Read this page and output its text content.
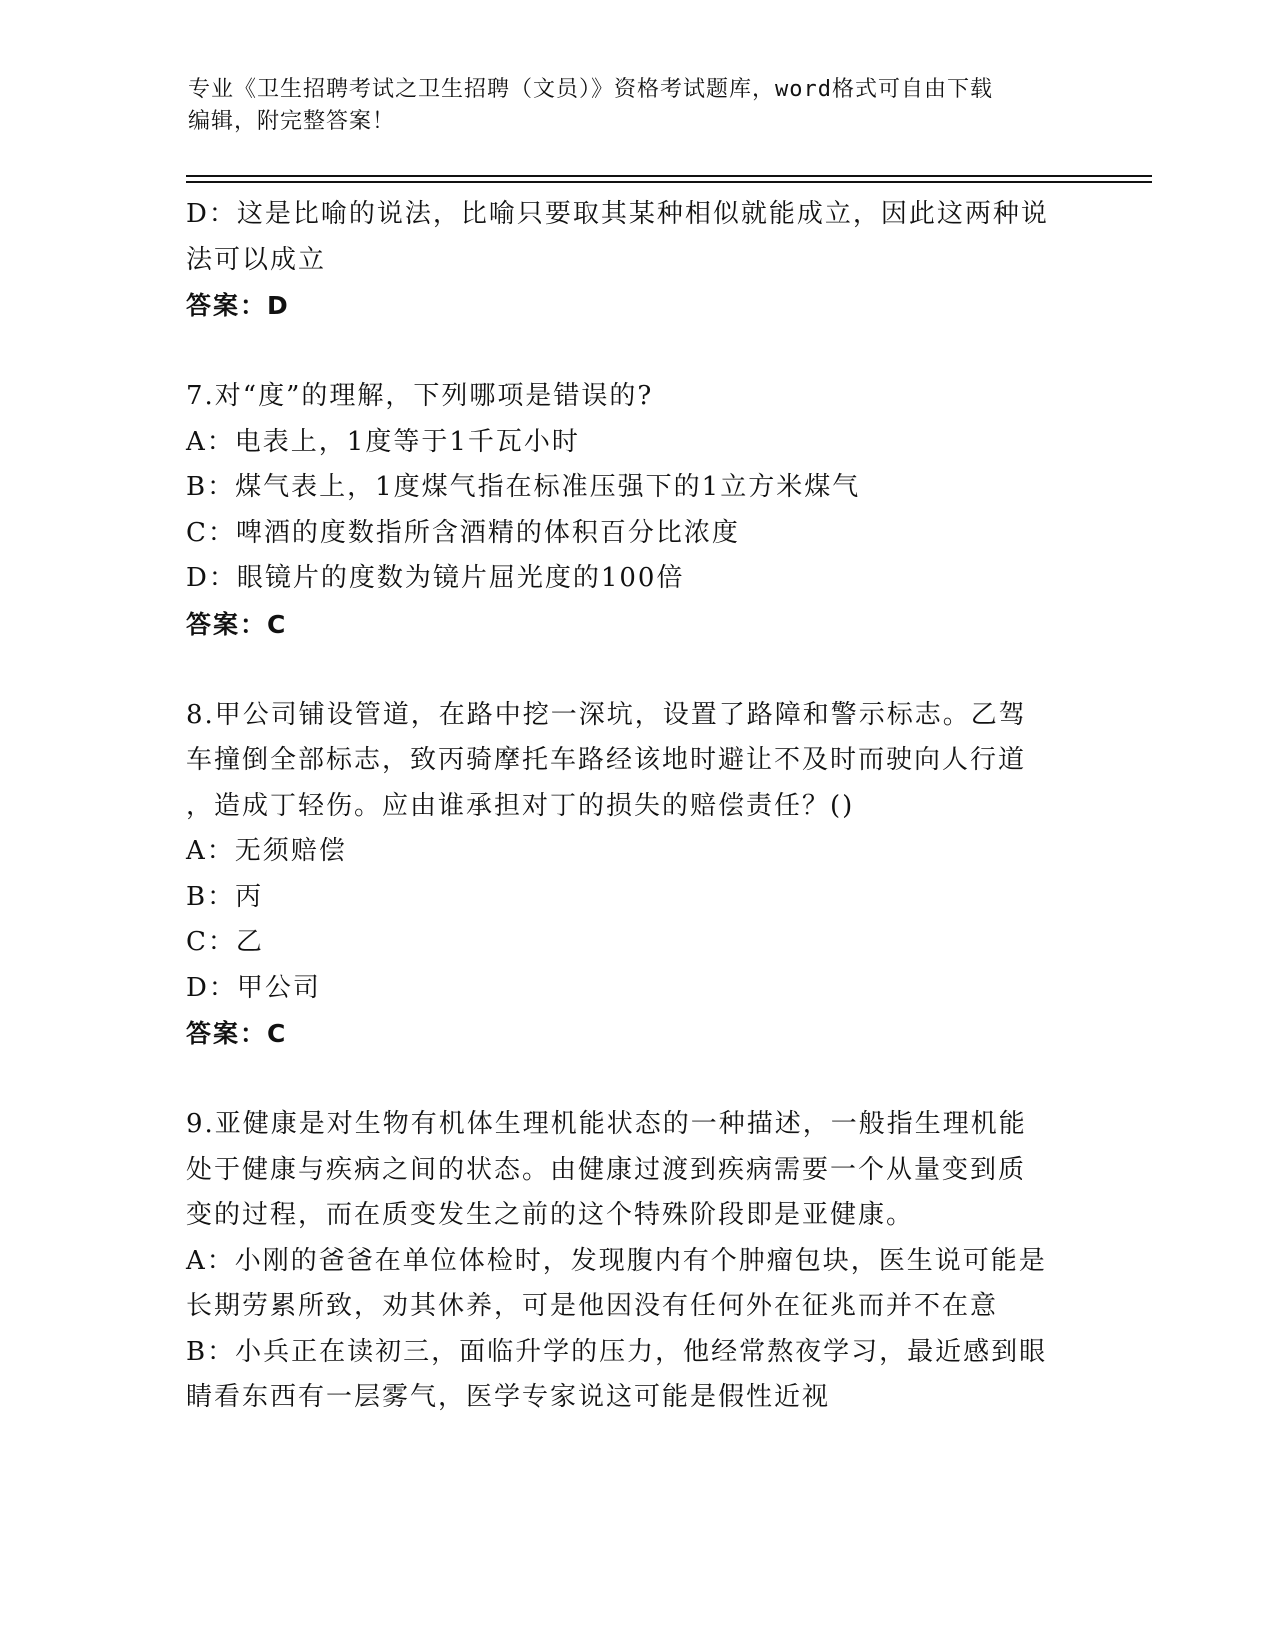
专业《卫生招聘考试之卫生招聘（文员）》资格考试题库，word格式可自由下载
编辑，附完整答案！
D：这是比喻的说法，比喻只要取其某种相似就能成立，因此这两种说
法可以成立
答案：D
7.对“度”的理解，下列哪项是错误的?
A：电表上，1度等于1千瓦小时
B：煤气表上，1度煤气指在标准压强下的1立方米煤气
C：啤酒的度数指所含酒精的体积百分比浓度
D：眼镜片的度数为镜片屈光度的100倍
答案：C
8.甲公司铺设管道，在路中挖一深坑，设置了路障和警示标志。乙驾
车撞倒全部标志，致丙骑摩托车路经该地时避让不及时而驶向人行道
，造成丁轻伤。应由谁承担对丁的损失的赔偿责任？()
A：无须赔偿
B：丙
C：乙
D：甲公司
答案：C
9.亚健康是对生物有机体生理机能状态的一种描述，一般指生理机能
处于健康与疾病之间的状态。由健康过渡到疾病需要一个从量变到质
变的过程，而在质变发生之前的这个特殊阶段即是亚健康。
A：小刚的爸爸在单位体检时，发现腹内有个肿瘤包块，医生说可能是
长期劳累所致，劝其休养，可是他因没有任何外在征兆而并不在意
B：小兵正在读初三，面临升学的压力，他经常熬夜学习，最近感到眼
睛看东西有一层雾气，医学专家说这可能是假性近视
